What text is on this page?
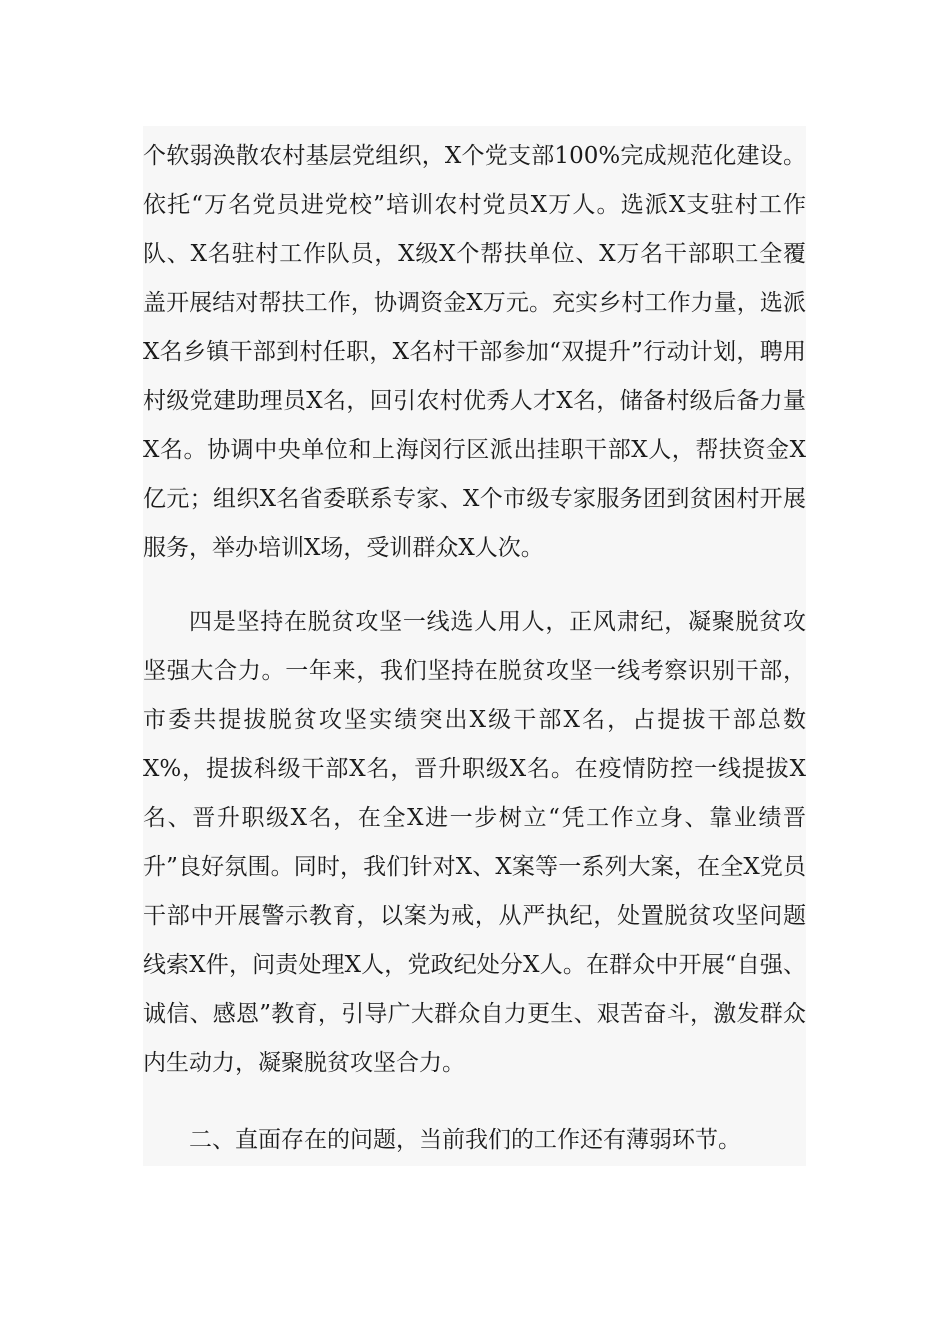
个软弱涣散农村基层党组织，X个党支部100%完成规范化建设。依托“万名党员进党校”培训农村党员X万人。选派X支驻村工作队、X名驻村工作队员，X级X个帮扶单位、X万名干部职工全覆盖开展结对帮扶工作，协调资金X万元。充实乡村工作力量，选派X名乡镇干部到村任职，X名村干部参加“双提升”行动计划，聘用村级党建助理员X名，回引农村优秀人才X名，储备村级后备力量X名。协调中央单位和上海闵行区派出挂职干部X人，帮扶资金X亿元；组织X名省委联系专家、X个市级专家服务团到贫困村开展服务，举办培训X场，受训群众X人次。

四是坚持在脱贫攻坚一线选人用人，正风肃纪，凝聚脱贫攻坚强大合力。一年来，我们坚持在脱贫攻坚一线考察识别干部，市委共提拔脱贫攻坚实绩突出X级干部X名，占提拔干部总数X%，提拔科级干部X名，晋升职级X名。在疫情防控一线提拔X名、晋升职级X名，在全X进一步树立“凭工作立身、靠业绩晋升”良好氛围。同时，我们针对X、X案等一系列大案，在全X党员干部中开展警示教育，以案为戒，从严执纪，处置脱贫攻坚问题线索X件，问责处理X人，党政纪处分X人。在群众中开展“自强、诚信、感恩”教育，引导广大群众自力更生、艰苦奋斗，激发群众内生动力，凝聚脱贫攻坚合力。

二、直面存在的问题，当前我们的工作还有薄弱环节。
